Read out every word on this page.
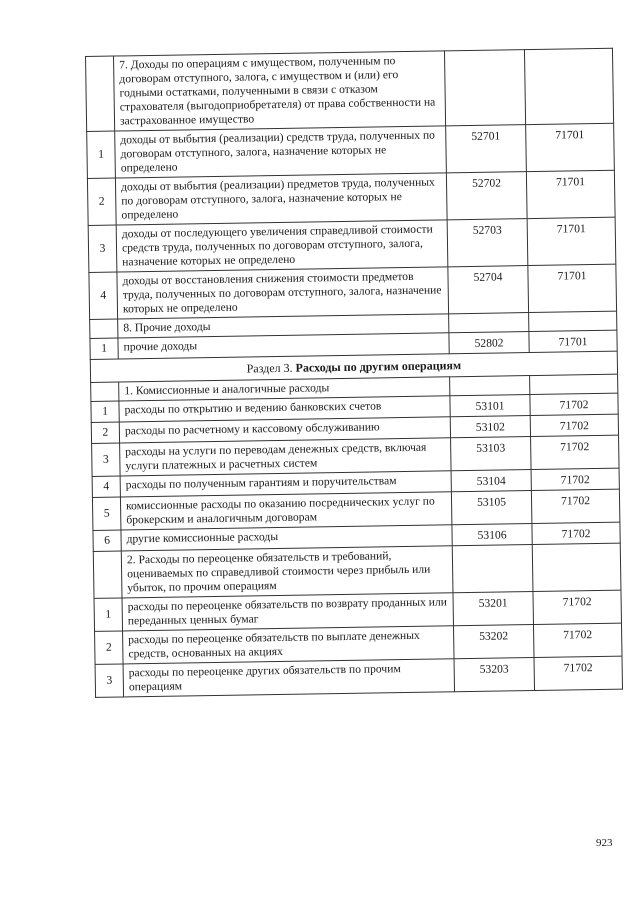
	7. Доходы по операциям с имуществом, полученным по договорам отступного, залога, с имуществом и (или) его годными остатками, полученными в связи с отказом страхователя (выгодоприобретателя) от права собственности на застрахованное имущество		
1	доходы от выбытия (реализации) средств труда, полученных по договорам отступного, залога, назначение которых не определено	52701	71701
2	доходы от выбытия (реализации) предметов труда, полученных по договорам отступного, залога, назначение которых не определено	52702	71701
3	доходы от последующего увеличения справедливой стоимости средств труда, полученных по договорам отступного, залога, назначение которых не определено	52703	71701
4	доходы от восстановления снижения стоимости предметов труда, полученных по договорам отступного, залога, назначение которых не определено	52704	71701
	8. Прочие доходы		
1	прочие доходы	52802	71701
Раздел 3. Расходы по другим операциям			
	1. Комиссионные и аналогичные расходы		
1	расходы по открытию и ведению банковских счетов	53101	71702
2	расходы по расчетному и кассовому обслуживанию	53102	71702
3	расходы на услуги по переводам денежных средств, включая услуги платежных и расчетных систем	53103	71702
4	расходы по полученным гарантиям и поручительствам	53104	71702
5	комиссионные расходы по оказанию посреднических услуг по брокерским и аналогичным договорам	53105	71702
6	другие комиссионные расходы	53106	71702
	2. Расходы по переоценке обязательств и требований, оцениваемых по справедливой стоимости через прибыль или убыток, по прочим операциям		
1	расходы по переоценке обязательств по возврату проданных или переданных ценных бумаг	53201	71702
2	расходы по переоценке обязательств по выплате денежных средств, основанных на акциях	53202	71702
3	расходы по переоценке других обязательств по прочим операциям	53203	71702
923
